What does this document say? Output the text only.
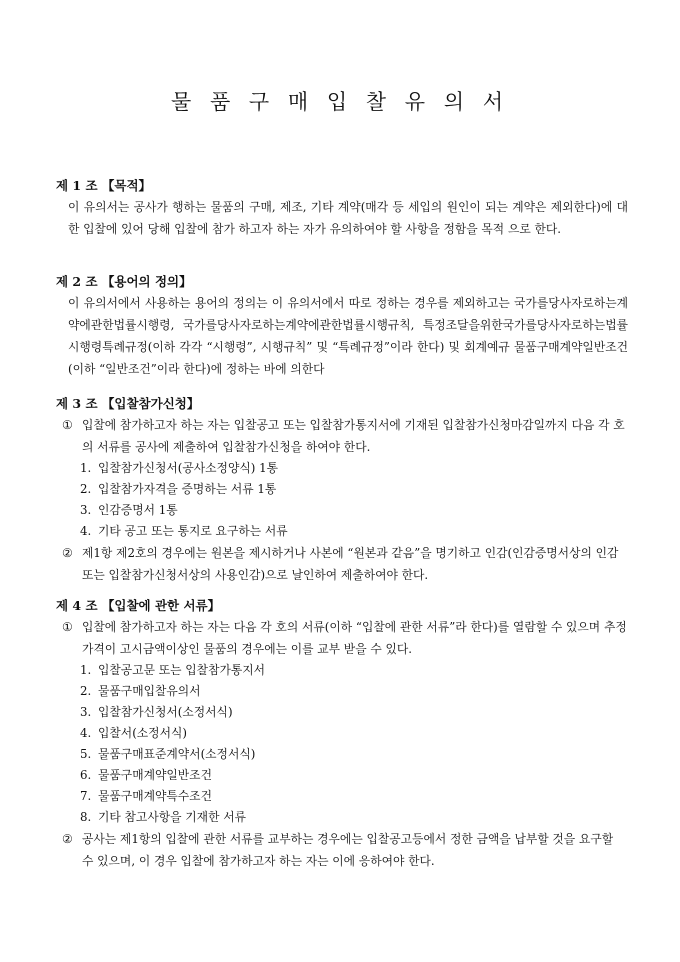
물 품 구 매 입 찰 유 의 서

제 1 조 【목적】

이 유의서는 공사가 행하는 물품의 구매, 제조, 기타 계약(매각 등 세입의 원인이 되는 계약은 제외한다)에 대한 입찰에 있어 당해 입찰에 참가 하고자 하는 자가 유의하여야 할 사항을 정함을 목적 으로 한다.

제 2 조 【용어의 정의】

이 유의서에서 사용하는 용어의 정의는 이 유의서에서 따로 정하는 경우를 제외하고는 국가를당사자로하는계약에관한법률시행령, 국가를당사자로하는계약에관한법률시행규칙, 특정조달을위한국가를당사자로하는법률시행령특례규정(이하 각각 “시행령”, 시행규칙” 및 “특례규정”이라 한다) 및 회계예규 물품구매계약일반조건(이하 “일반조건”이라 한다)에 정하는 바에 의한다

제 3 조 【입찰참가신청】

① 입찰에 참가하고자 하는 자는 입찰공고 또는 입찰참가통지서에 기재된 입찰참가신청마감일까지 다음 각 호의 서류를 공사에 제출하여 입찰참가신청을 하여야 한다.

1. 입찰참가신청서(공사소정양식) 1통
2. 입찰참가자격을 증명하는 서류 1통
3. 인감증명서 1통
4. 기타 공고 또는 통지로 요구하는 서류

② 제1항 제2호의 경우에는 원본을 제시하거나 사본에 “원본과 같음”을 명기하고 인감(인감증명서상의 인감 또는 입찰참가신청서상의 사용인감)으로 날인하여 제출하여야 한다.

제 4 조 【입찰에 관한 서류】

① 입찰에 참가하고자 하는 자는 다음 각 호의 서류(이하 “입찰에 관한 서류”라 한다)를 열람할 수 있으며 추정가격이 고시금액이상인 물품의 경우에는 이를 교부 받을 수 있다.

1. 입찰공고문 또는 입찰참가통지서
2. 물품구매입찰유의서
3. 입찰참가신청서(소정서식)
4. 입찰서(소정서식)
5. 물품구매표준계약서(소정서식)
6. 물품구매계약일반조건
7. 물품구매계약특수조건
8. 기타 참고사항을 기재한 서류

② 공사는 제1항의 입찰에 관한 서류를 교부하는 경우에는 입찰공고등에서 정한 금액을 납부할 것을 요구할 수 있으며, 이 경우 입찰에 참가하고자 하는 자는 이에 응하여야 한다.
